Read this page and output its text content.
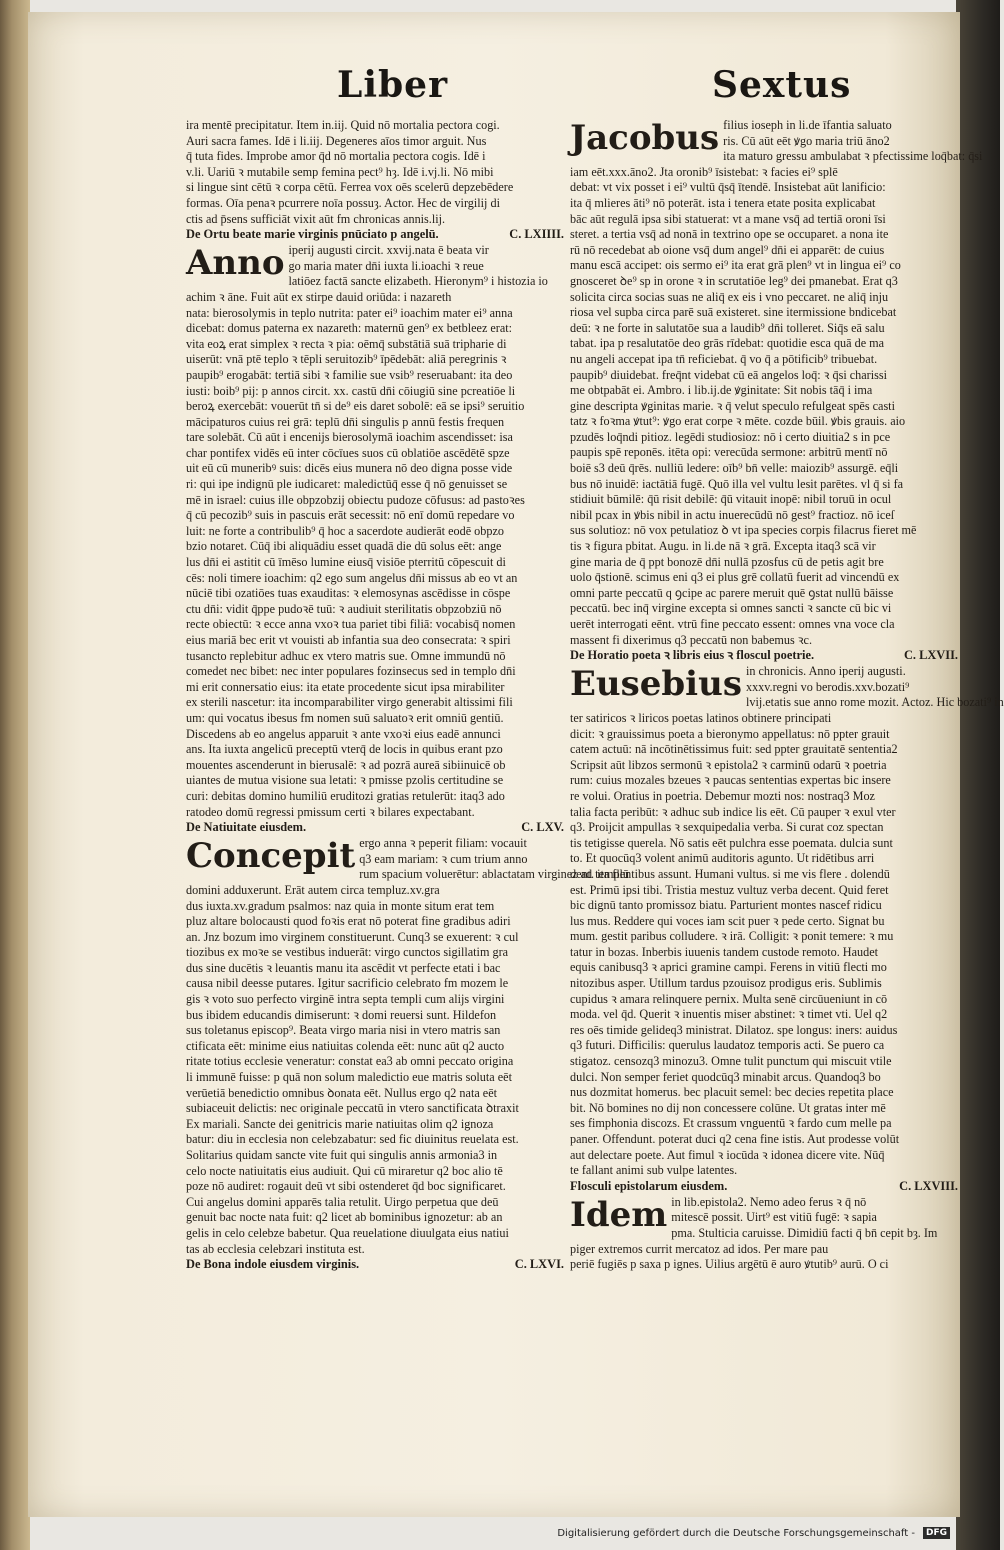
Liber	Sextus
ira mentē precipitatur. Item in.iij. Quid nō mortalia pectora cogi.
Auri sacra fames. Idē i li.iij. Degeneres aīos timor arguit. Nus
q̄ tuta fides. Improbe amor q̄d nō mortalia pectora cogis. Idē i
v.li. Uariū ꝛ mutabile semp femina pect⁹ hȝ. Idē i.vj.li. Nō mibi
si lingue sint cētū ꝛ corpa cētū. Ferrea vox oēs scelerū depzebēdere
formas. Oīa penaꝛ pcurrere noīa possuȝ. Actor. Hec de virgilij di
ctis ad p̄sens sufficiāt vixit aūt fm chronicas annis.lij.
De Ortu beate marie virginis pnūciato p angelū.	C. LXIIII.
Anno iperij augusti circit. xxvij.nata ē beata vir
go maria mater dn̄i iuxta li.ioachi ꝛ reue
latiōez factā sancte elizabeth. Hieronym⁹ i histozia io
achim ꝛ āne. Fuit aūt ex stirpe dauid oriūda: i nazareth
nata: bierosolymis in teplo nutrita: pater ei⁹ ioachim mater ei⁹ anna
dicebat: domus paterna ex nazareth: maternū gen⁹ ex betbleez erat:
vita eoꝝ erat simplex ꝛ recta ꝛ pia: oēmq̄ substātiā suā tripharie di
uiserūt: vnā ptē teplo ꝛ tēpli seruitozib⁹ īpēdebāt: aliā peregrinis ꝛ
paupib⁹ erogabāt: tertiā sibi ꝛ familie sue vsib⁹ reseruabant: ita deo
iusti: boib⁹ pij: p annos circit. xx. castū dn̄i cōiugiū sine pcreatiōe li
beroꝝ exercebāt: vouerūt tn̄ si de⁹ eis daret sobolē: eā se ipsi⁹ seruitio
mācipaturos cuius rei grā: teplū dn̄i singulis p annū festis frequen
tare solebāt. Cū aūt i encenijs bierosolymā ioachim ascendisset: isa
char pontifex vidēs eū inter cōcīues suos cū oblatiōe ascēdētē spze
uit eū cū muneribꝰ suis: dicēs eius munera nō deo digna posse vide
ri: qui ipe indignū ple iudicaret: maledictūq̄ esse q̄ nō genuisset se
mē in israel: cuius ille obpzobzij obiectu pudoze cōfusus: ad pastoꝛes
q̄ cū pecozib⁹ suis in pascuis erāt secessit: nō enī domū repedare vo
luit: ne forte a contribulib⁹ q̄ hoc a sacerdote audierāt eodē obpzo
bzio notaret. Cūq̄ ibi aliquādiu esset quadā die dū solus eēt: ange
lus dn̄i ei astitit cū īmēso lumine eiusq̄ visiōe pterritū cōpescuit di
cēs: noli timere ioachim: q2 ego sum angelus dn̄i missus ab eo vt an
nūciē tibi ozatiōes tuas exauditas: ꝛ elemosynas ascēdisse in cōspe
ctu dn̄i: vidit q̄ppe pudoꝛē tuū: ꝛ audiuit sterilitatis obpzobziū nō
recte obiectū: ꝛ ecce anna vxoꝛ tua pariet tibi filiā: vocabisq̄ nomen
eius mariā bec erit vt vouisti ab infantia sua deo consecrata: ꝛ spiri
tusancto replebitur adhuc ex vtero matris sue. Omne immundū nō
comedet nec bibet: nec inter populares fozinsecus sed in templo dn̄i
mi erit connersatio eius: ita etate procedente sicut ipsa mirabiliter
ex sterili nascetur: ita incomparabiliter virgo generabit altissimi fili
um: qui vocatus ibesus fm nomen suū saluatoꝛ erit omniū gentiū.
Discedens ab eo angelus apparuit ꝛ ante vxoꝛi eius eadē annunci
ans. Ita iuxta angelicū preceptū vterq̄ de locis in quibus erant pzo
mouentes ascenderunt in bierusalē: ꝛ ad pozrā aureā sibiinuicē ob
uiantes de mutua visione sua letati: ꝛ pmisse pzolis certitudine se
curi: debitas domino humiliū eruditozi gratias retulerūt: itaq3 ado
ratodeo domū regressi pmissum certi ꝛ bilares expectabant.
De Natiuitate eiusdem.	C. LXV.
Concepit ergo anna ꝛ peperit filiam: vocauit
q3 eam mariam: ꝛ cum trium anno
rum spacium voluerētur: ablactatam virginez ad templū
domini adduxerunt. Erāt autem circa templuz.xv.gra
dus iuxta.xv.gradum psalmos: naz quia in monte situm erat tem
pluz altare bolocausti quod foꝛis erat nō poterat fine gradibus adiri
an. Jnz bozum imo virginem constituerunt. Cunq3 se exuerent: ꝛ cul
tiozibus ex moꝛe se vestibus induerāt: virgo cunctos sigillatim gra
dus sine ducētis ꝛ leuantis manu ita ascēdit vt perfecte etati i bac
causa nibil deesse putares. Igitur sacrificio celebrato fm mozem le
gis ꝛ voto suo perfecto virginē intra septa templi cum alijs virgini
bus ibidem educandis dimiserunt: ꝛ domi reuersi sunt. Hildefon
sus toletanus episcop⁹. Beata virgo maria nisi in vtero matris san
ctificata eēt: minime eius natiuitas colenda eēt: nunc aūt q2 aucto
ritate totius ecclesie veneratur: constat ea3 ab omni peccato origina
li immunē fuisse: p quā non solum maledictio eue matris soluta eēt
verūetiā benedictio omnibus ꝺonata eēt. Nullus ergo q2 nata eēt
subiaceuit delictis: nec originale peccatū in vtero sanctificata ꝺtraxit
Ex mariali. Sancte dei genitricis marie natiuitas olim q2 ignoza
batur: diu in ecclesia non celebzabatur: sed fic diuinitus reuelata est.
Solitarius quidam sancte vite fuit qui singulis annis armonia3 in
celo nocte natiuitatis eius audiuit. Qui cū miraretur q2 boc alio tē
poze nō audiret: rogauit deū vt sibi ostenderet q̄d boc significaret.
Cui angelus domini apparēs talia retulit. Uirgo perpetua que deū
genuit bac nocte nata fuit: q2 licet ab bominibus ignozetur: ab an
gelis in celo celebze babetur. Qua reuelatione diuulgata eius natiui
tas ab ecclesia celebzari instituta est.
De Bona indole eiusdem virginis.	C. LXVI.
Jacobus filius ioseph in li.de īfantia saluato
ris. Cū aūt eēt ꝟgo maria triū āno2
ita maturo gressu ambulabat ꝛ pfectissime loq̄bat: q̄si
iam eēt.xxx.āno2. Jta oronib⁹ īsistebat: ꝛ facies ei⁹ splē
debat: vt vix posset i ei⁹ vultū q̄sq̄ ītendē. Insistebat aūt lanificio:
ita q̄ mlieres āti⁹ nō poterāt. ista i tenera etate posita explicabat
bāc aūt regulā ipsa sibi statuerat: vt a mane vsq̄ ad tertiā oroni īsi
steret. a tertia vsq̄ ad nonā in textrino ope se occuparet. a nona ite
rū nō recedebat ab oione vsq̄ dum angel⁹ dn̄i ei apparēt: de cuius
manu escā accipet: ois sermo ei⁹ ita erat grā plen⁹ vt in lingua ei⁹ co
gnosceret ꝺe⁹ sp in orone ꝛ in scrutatiōe leg⁹ dei pmanebat. Erat q3
solicita circa socias suas ne aliq̄ ex eis i vno peccaret. ne aliq̄ inju
riosa vel supba circa parē suā existeret. sine itermissione bndicebat
deū: ꝛ ne forte in salutatōe sua a laudib⁹ dn̄i tolleret. Siq̄s eā salu
tabat. ipa p resalutatōe deo grās rīdebat: quotidie esca quā de ma
nu angeli accepat ipa tn̄ reficiebat. q̄ vo q̄ a pōtificib⁹ tribuebat.
paupib⁹ diuidebat. freq̄nt videbat cū eā angelos loq̄: ꝛ q̄si charissi
me obtpabāt ei. Ambro. i lib.ij.de ꝟginitate: Sit nobis tāq̄ i ima
gine descripta ꝟginitas marie. ꝛ q̄ velut speculo refulgeat spēs casti
tatz ꝛ foꝛma ꝟtut⁹: ꝟgo erat corpe ꝛ mēte. cozde būil. ꝟbis grauis. aio
pzudēs loq̄ndi pitioz. legēdi studiosioz: nō i certo diuitia2 s in pce
paupis spē reponēs. itēta opi: verecūda sermone: arbitrū mentī nō
boiē s3 deū q̄rēs. nulliū ledere: oīb⁹ bn̄ velle: maiozib⁹ assurgē. eq̄li
bus nō inuidē: iactātiā fugē. Quō illa vel vultu lesit parētes. vl q̄ si fa
stidiuit būmilē: q̄ū risit debilē: q̄ū vitauit inopē: nibil toruū in ocul
nibil pcax in ꝟbis nibil in actu inuerecūdū nō gest⁹ fractioz. nō iceſ
sus solutioz: nō vox petulatioz ꝺ vt ipa species corpis filacrus fieret mē
tis ꝛ figura pbitat. Augu. in li.de nā ꝛ grā. Excepta itaq3 scā vir
gine maria de q̄ ppt bonozē dn̄i nullā pzosfus cū de petis agit bre
uolo q̄stionē. scimus eni q3 ei plus grē collatū fuerit ad vincendū ex
omni parte peccatū q ꝯcipe ac parere meruit quē ꝯstat nullū bāisse
peccatū. bec inq̄ virgine excepta si omnes sancti ꝛ sancte cū bic vi
uerēt interrogati eēnt. vtrū fine peccato essent: omnes vna voce cla
massent fi dixerimus q3 peccatū non babemus ꝛc.
De Horatio poeta ꝛ libris eius ꝛ floscul poetrie.	C. LXVII.
Eusebius in chronicis. Anno iperij augusti.
xxxv.regni vo berodis.xxv.bozati⁹
lvij.etatis sue anno rome mozit. Actoz. Hic bozati⁹ in
ter satiricos ꝛ liricos poetas latinos obtinere principati
dicit: ꝛ grauissimus poeta a bieronymo appellatus: nō ppter grauit
catem actuū: nā incōtinētissimus fuit: sed ppter grauitatē sententia2
Scripsit aūt libzos sermonū ꝛ epistola2 ꝛ carminū odarū ꝛ poetria
rum: cuius mozales bzeues ꝛ paucas sententias expertas bic insere
re volui. Oratius in poetria. Debemur mozti nos: nostraq3 Moz
talia facta peribūt: ꝛ adhuc sub indice lis eēt. Cū pauper ꝛ exul vter
q3. Proijcit ampullas ꝛ sexquipedalia verba. Si curat coz spectan
tis tetigisse querela. Nō satis eēt pulchra esse poemata. dulcia sunt
to. Et quocūq3 volent animū auditoris agunto. Ut ridētibus arri
dent. ita flentibus assunt. Humani vultus. si me vis flere . dolendū
est. Primū ipsi tibi. Tristia mestuz vultuz verba decent. Quid feret
bic dignū tanto promissoz biatu. Parturient montes nascef ridicu
lus mus. Reddere qui voces iam scit puer ꝛ pede certo. Signat bu
mum. gestit paribus colludere. ꝛ irā. Colligit: ꝛ ponit temere: ꝛ mu
tatur in bozas. Inberbis iuuenis tandem custode remoto. Haudet
equis canibusq3 ꝛ aprici gramine campi. Ferens in vitiū flecti mo
nitozibus asper. Utillum tardus pzouisoz prodigus eris. Sublimis
cupidus ꝛ amara relinquere pernix. Multa senē circūueniunt in cō
moda. vel q̄d. Querit ꝛ inuentis miser abstinet: ꝛ timet vti. Uel q2
res oēs timide gelideq3 ministrat. Dilatoz. spe longus: iners: auidus
q3 futuri. Difficilis: querulus laudatoz temporis acti. Se puero ca
stigatoz. censozq3 minozu3. Omne tulit punctum qui miscuit vtile
dulci. Non semper feriet quodcūq3 minabit arcus. Quandoq3 bo
nus dozmitat homerus. bec placuit semel: bec decies repetita place
bit. Nō bomines no dij non concessere colūne. Ut gratas inter mē
ses fimphonia discozs. Et crassum vnguentū ꝛ fardo cum melle pa
paner. Offendunt. poterat duci q2 cena fine istis. Aut prodesse volūt
aut delectare poete. Aut fimul ꝛ iocūda ꝛ idonea dicere vite. Nūq̄
te fallant animi sub vulpe latentes.
Flosculi epistolarum eiusdem.	C. LXVIII.
Idem in lib.epistola2. Nemo adeo ferus ꝛ q̄ nō
mitescē possit. Uirt⁹ est vitiū fugē: ꝛ sapia
pma. Stulticia caruisse. Dimidiū facti q̄ bn̄ cepit bȝ. Im
piger extremos currit mercatoz ad idos. Per mare pau
periē fugiēs p saxa p ignes. Uilius argētū ē auro ꝟtutib⁹ aurū. O ci
Digitalisierung gefördert durch die Deutsche Forschungsgemeinschaft -	DFG
